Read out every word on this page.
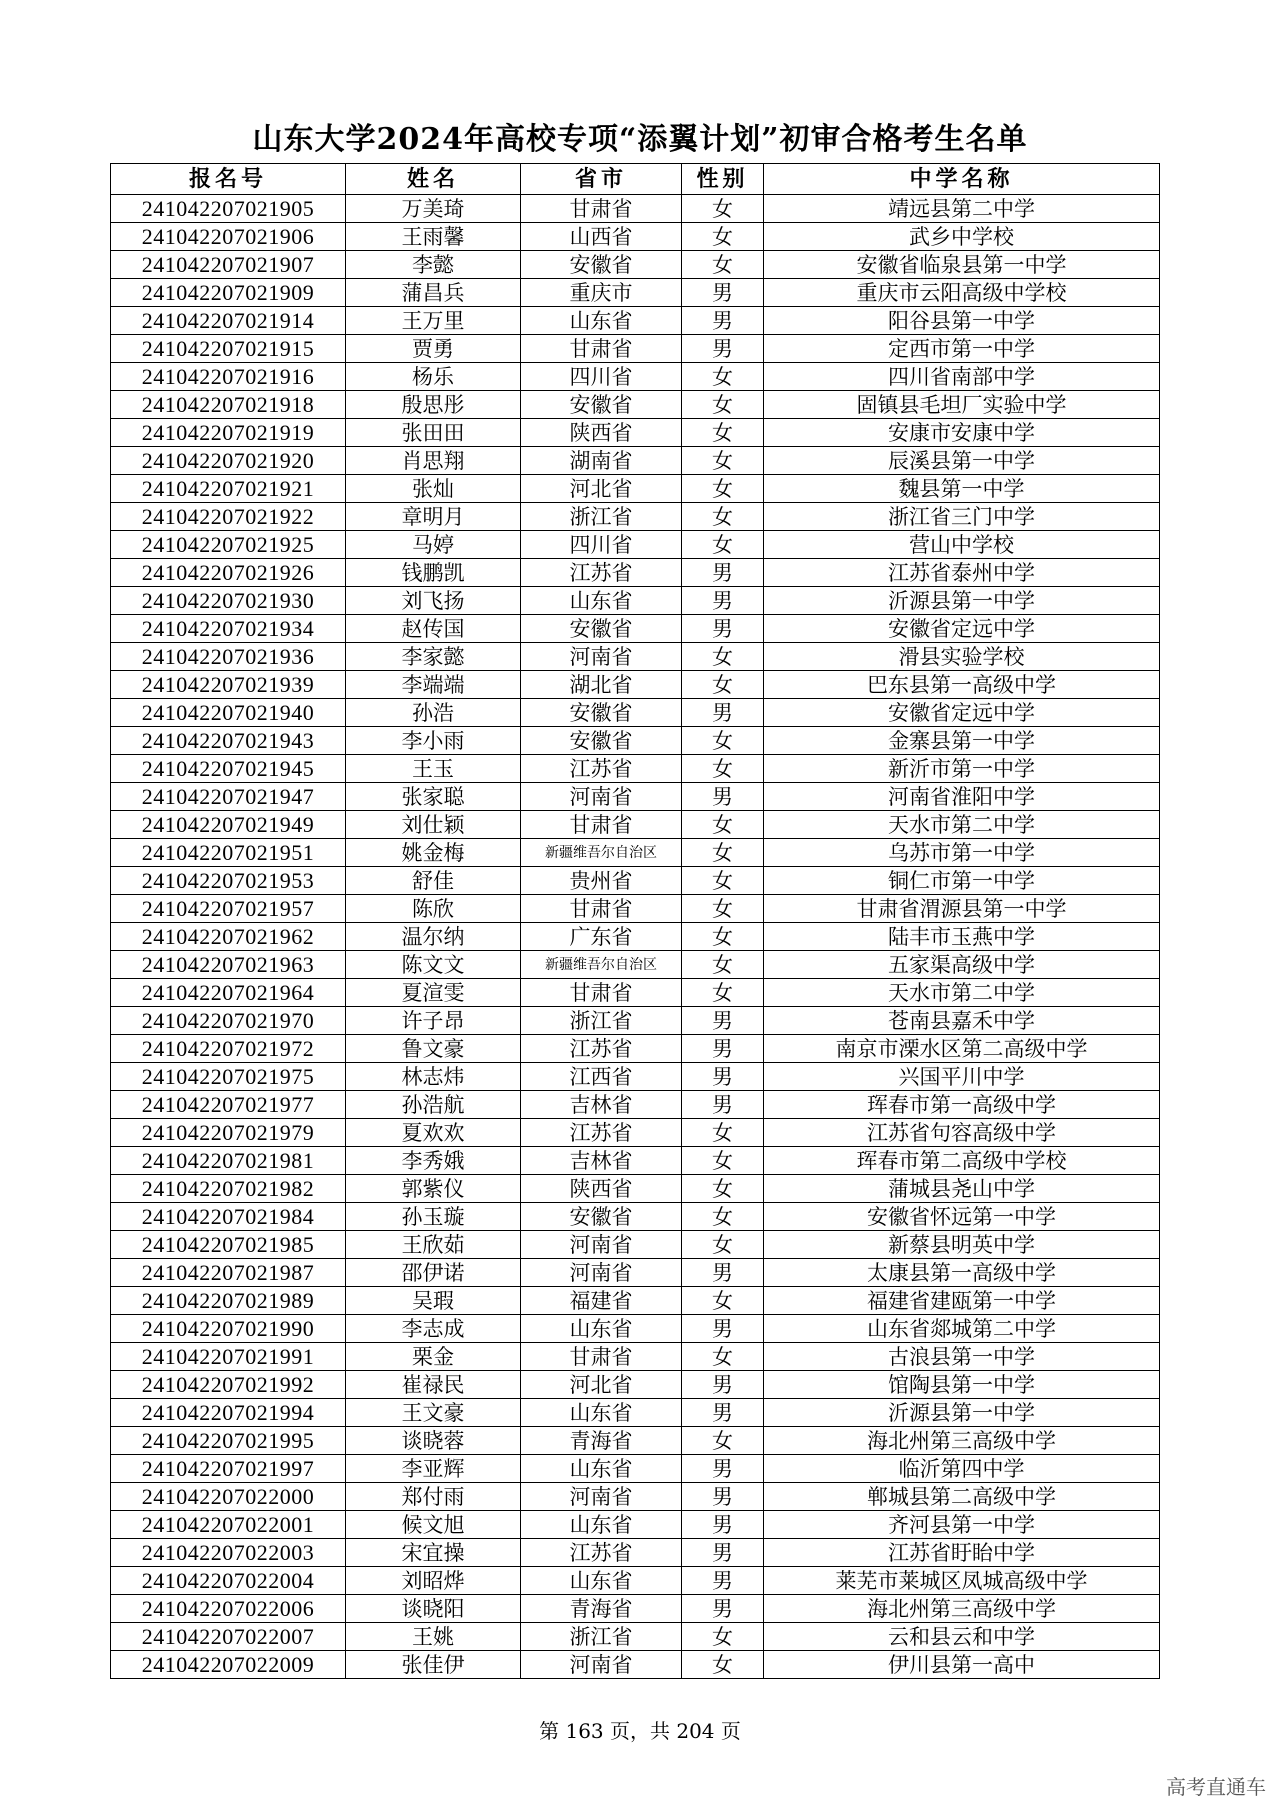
山东大学2024年高校专项“添翼计划”初审合格考生名单
报名号	姓名	省市	性别	中学名称
241042207021905	万美琦	甘肃省	女	靖远县第二中学
241042207021906	王雨馨	山西省	女	武乡中学校
241042207021907	李懿	安徽省	女	安徽省临泉县第一中学
241042207021909	蒲昌兵	重庆市	男	重庆市云阳高级中学校
241042207021914	王万里	山东省	男	阳谷县第一中学
241042207021915	贾勇	甘肃省	男	定西市第一中学
241042207021916	杨乐	四川省	女	四川省南部中学
241042207021918	殷思彤	安徽省	女	固镇县毛坦厂实验中学
241042207021919	张田田	陕西省	女	安康市安康中学
241042207021920	肖思翔	湖南省	女	辰溪县第一中学
241042207021921	张灿	河北省	女	魏县第一中学
241042207021922	章明月	浙江省	女	浙江省三门中学
241042207021925	马婷	四川省	女	营山中学校
241042207021926	钱鹏凯	江苏省	男	江苏省泰州中学
241042207021930	刘飞扬	山东省	男	沂源县第一中学
241042207021934	赵传国	安徽省	男	安徽省定远中学
241042207021936	李家懿	河南省	女	滑县实验学校
241042207021939	李端端	湖北省	女	巴东县第一高级中学
241042207021940	孙浩	安徽省	男	安徽省定远中学
241042207021943	李小雨	安徽省	女	金寨县第一中学
241042207021945	王玉	江苏省	女	新沂市第一中学
241042207021947	张家聪	河南省	男	河南省淮阳中学
241042207021949	刘仕颖	甘肃省	女	天水市第二中学
241042207021951	姚金梅	新疆维吾尔自治区	女	乌苏市第一中学
241042207021953	舒佳	贵州省	女	铜仁市第一中学
241042207021957	陈欣	甘肃省	女	甘肃省渭源县第一中学
241042207021962	温尔纳	广东省	女	陆丰市玉燕中学
241042207021963	陈文文	新疆维吾尔自治区	女	五家渠高级中学
241042207021964	夏渲雯	甘肃省	女	天水市第二中学
241042207021970	许子昂	浙江省	男	苍南县嘉禾中学
241042207021972	鲁文豪	江苏省	男	南京市溧水区第二高级中学
241042207021975	林志炜	江西省	男	兴国平川中学
241042207021977	孙浩航	吉林省	男	珲春市第一高级中学
241042207021979	夏欢欢	江苏省	女	江苏省句容高级中学
241042207021981	李秀娥	吉林省	女	珲春市第二高级中学校
241042207021982	郭紫仪	陕西省	女	蒲城县尧山中学
241042207021984	孙玉璇	安徽省	女	安徽省怀远第一中学
241042207021985	王欣茹	河南省	女	新蔡县明英中学
241042207021987	邵伊诺	河南省	男	太康县第一高级中学
241042207021989	吴瑕	福建省	女	福建省建瓯第一中学
241042207021990	李志成	山东省	男	山东省郯城第二中学
241042207021991	栗金	甘肃省	女	古浪县第一中学
241042207021992	崔禄民	河北省	男	馆陶县第一中学
241042207021994	王文豪	山东省	男	沂源县第一中学
241042207021995	谈晓蓉	青海省	女	海北州第三高级中学
241042207021997	李亚辉	山东省	男	临沂第四中学
241042207022000	郑付雨	河南省	男	郸城县第二高级中学
241042207022001	候文旭	山东省	男	齐河县第一中学
241042207022003	宋宜操	江苏省	男	江苏省盱眙中学
241042207022004	刘昭烨	山东省	男	莱芜市莱城区凤城高级中学
241042207022006	谈晓阳	青海省	男	海北州第三高级中学
241042207022007	王姚	浙江省	女	云和县云和中学
241042207022009	张佳伊	河南省	女	伊川县第一高中
第 163 页，共 204 页
高考直通车
